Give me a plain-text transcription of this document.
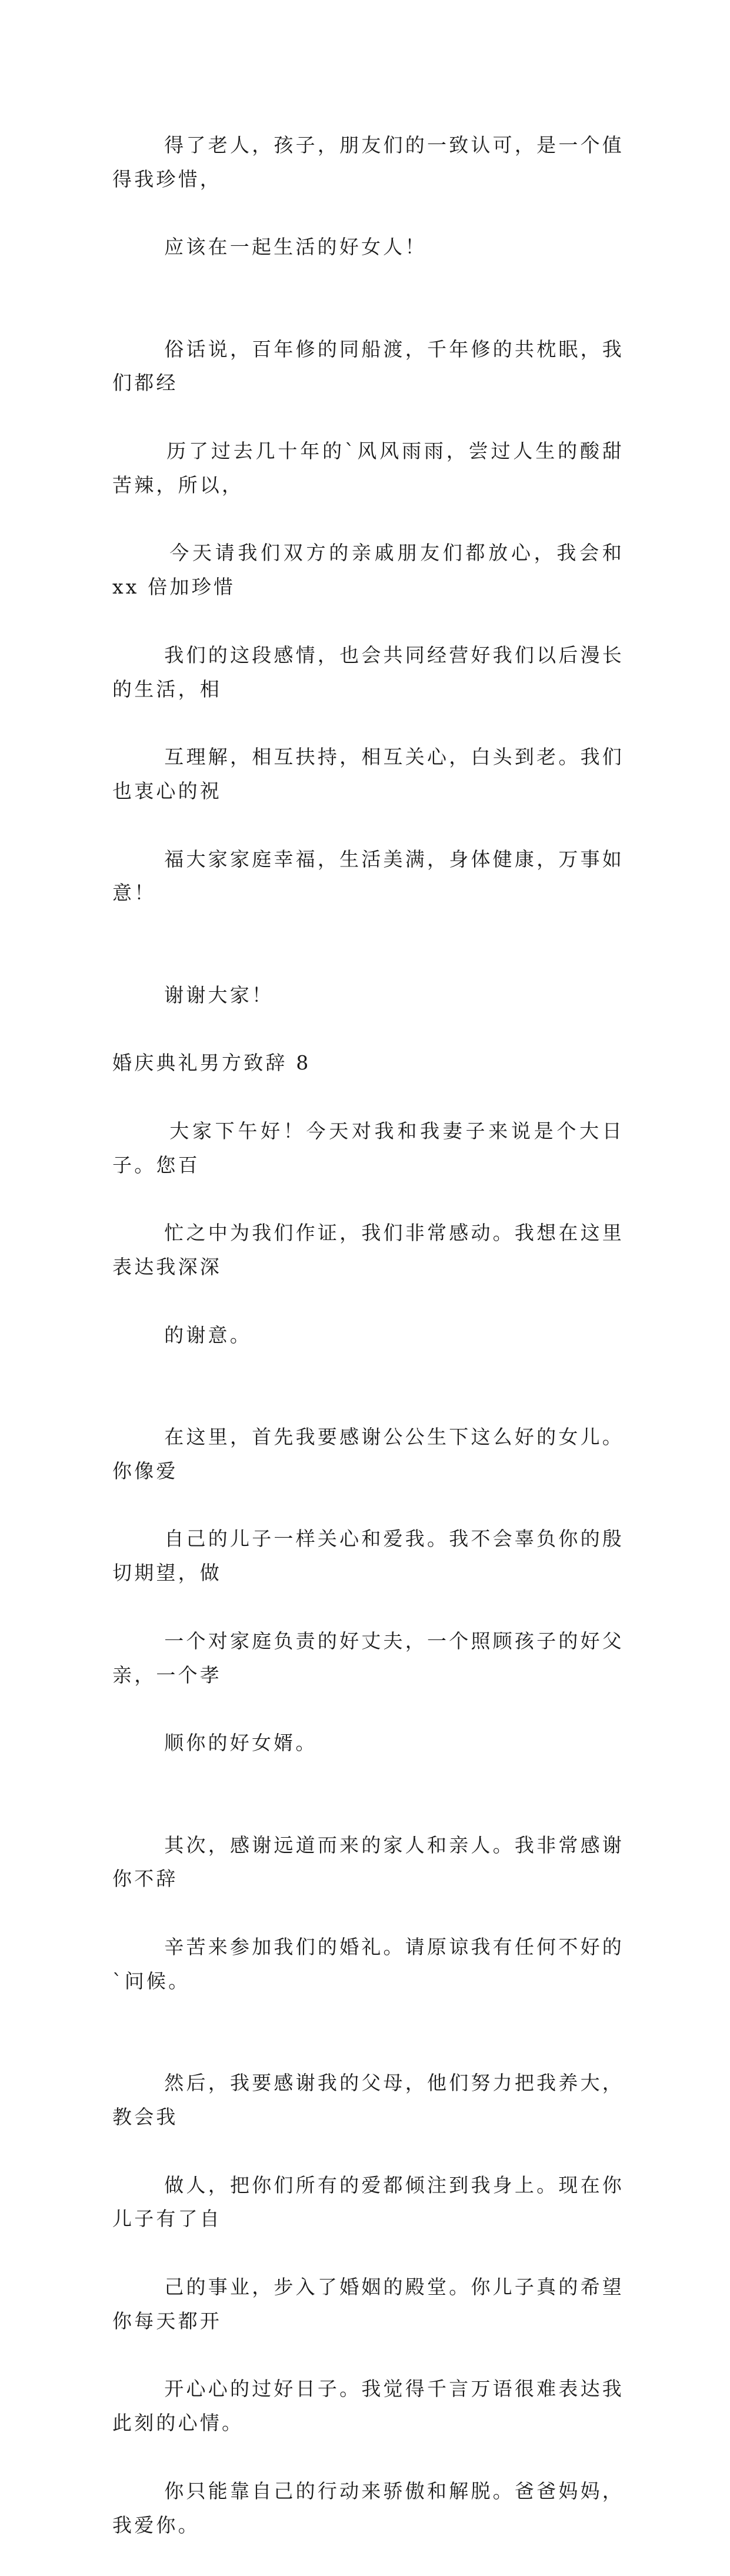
得了老人，孩子，朋友们的一致认可，是一个值得我珍惜，

应该在一起生活的好女人！

俗话说，百年修的同船渡，千年修的共枕眠，我们都经

历了过去几十年的`风风雨雨，尝过人生的酸甜苦辣，所以，

今天请我们双方的亲戚朋友们都放心，我会和 xx 倍加珍惜

我们的这段感情，也会共同经营好我们以后漫长的生活，相

互理解，相互扶持，相互关心，白头到老。我们也衷心的祝

福大家家庭幸福，生活美满，身体健康，万事如意！

谢谢大家！

婚庆典礼男方致辞 8

大家下午好！今天对我和我妻子来说是个大日子。您百

忙之中为我们作证，我们非常感动。我想在这里表达我深深

的谢意。

在这里，首先我要感谢公公生下这么好的女儿。你像爱

自己的儿子一样关心和爱我。我不会辜负你的殷切期望，做

一个对家庭负责的好丈夫，一个照顾孩子的好父亲，一个孝

顺你的好女婿。

其次，感谢远道而来的家人和亲人。我非常感谢你不辞

辛苦来参加我们的婚礼。请原谅我有任何不好的`问候。

然后，我要感谢我的父母，他们努力把我养大，教会我

做人，把你们所有的爱都倾注到我身上。现在你儿子有了自

己的事业，步入了婚姻的殿堂。你儿子真的希望你每天都开

开心心的过好日子。我觉得千言万语很难表达我此刻的心情。

你只能靠自己的行动来骄傲和解脱。爸爸妈妈，我爱你。
